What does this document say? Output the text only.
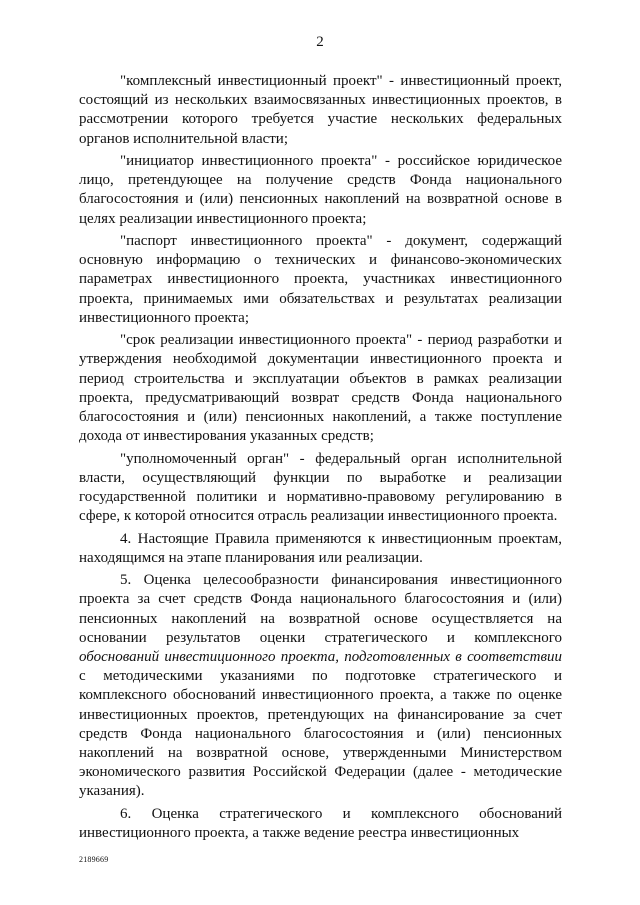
2

"комплексный инвестиционный проект" - инвестиционный проект, состоящий из нескольких взаимосвязанных инвестиционных проектов, в рассмотрении которого требуется участие нескольких федеральных органов исполнительной власти;

"инициатор инвестиционного проекта" - российское юридическое лицо, претендующее на получение средств Фонда национального благосостояния и (или) пенсионных накоплений на возвратной основе в целях реализации инвестиционного проекта;

"паспорт инвестиционного проекта" - документ, содержащий основную информацию о технических и финансово-экономических параметрах инвестиционного проекта, участниках инвестиционного проекта, принимаемых ими обязательствах и результатах реализации инвестиционного проекта;

"срок реализации инвестиционного проекта" - период разработки и утверждения необходимой документации инвестиционного проекта и период строительства и эксплуатации объектов в рамках реализации проекта, предусматривающий возврат средств Фонда национального благосостояния и (или) пенсионных накоплений, а также поступление дохода от инвестирования указанных средств;

"уполномоченный орган" - федеральный орган исполнительной власти, осуществляющий функции по выработке и реализации государственной политики и нормативно-правовому регулированию в сфере, к которой относится отрасль реализации инвестиционного проекта.

4. Настоящие Правила применяются к инвестиционным проектам, находящимся на этапе планирования или реализации.

5. Оценка целесообразности финансирования инвестиционного проекта за счет средств Фонда национального благосостояния и (или) пенсионных накоплений на возвратной основе осуществляется на основании результатов оценки стратегического и комплексного обоснований инвестиционного проекта, подготовленных в соответствии с методическими указаниями по подготовке стратегического и комплексного обоснований инвестиционного проекта, а также по оценке инвестиционных проектов, претендующих на финансирование за счет средств Фонда национального благосостояния и (или) пенсионных накоплений на возвратной основе, утвержденными Министерством экономического развития Российской Федерации (далее - методические указания).

6. Оценка стратегического и комплексного обоснований инвестиционного проекта, а также ведение реестра инвестиционных

2189669
